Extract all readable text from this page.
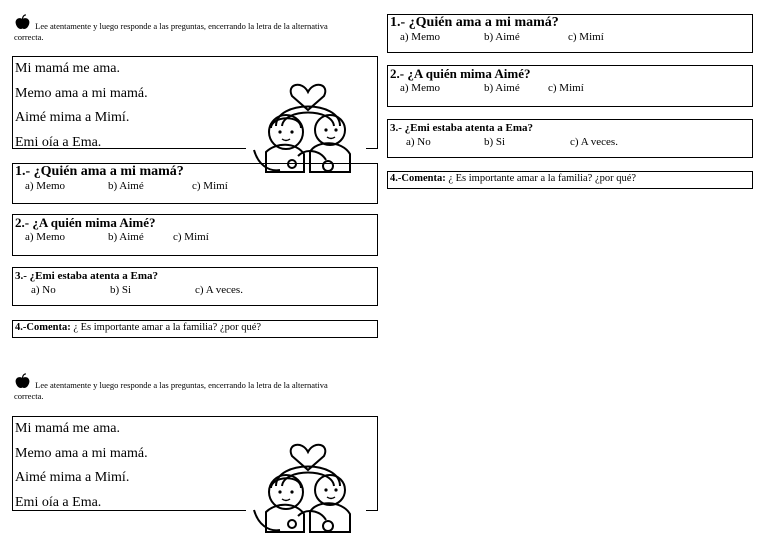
Lee atentamente y luego responde a las preguntas, encerrando la letra de la alternativa correcta.
Mi mamá me ama.
Memo ama a mi mamá.
Aimé mima a Mimí.
Emi oía a Ema.
1.- ¿Quién ama a mi mamá?
a) Memo	b) Aimé	c) Mimí
2.- ¿A quién mima Aimé?
a) Memo	b) Aimé	c) Mimí
3.- ¿Emi estaba atenta a Ema?
a) No	b) Si	c) A veces.
4.-Comenta: ¿ Es importante amar a la familia? ¿por qué?
1.- ¿Quién ama a mi mamá?
a) Memo	b) Aimé	c) Mimí
2.- ¿A quién mima Aimé?
a) Memo	b) Aimé	c) Mimí
3.- ¿Emi estaba atenta a Ema?
a) No	b) Si	c) A veces.
4.-Comenta: ¿ Es importante amar a la familia? ¿por qué?
Lee atentamente y luego responde a las preguntas, encerrando la letra de la alternativa correcta.
Mi mamá me ama.
Memo ama a mi mamá.
Aimé mima a Mimí.
Emi oía a Ema.
